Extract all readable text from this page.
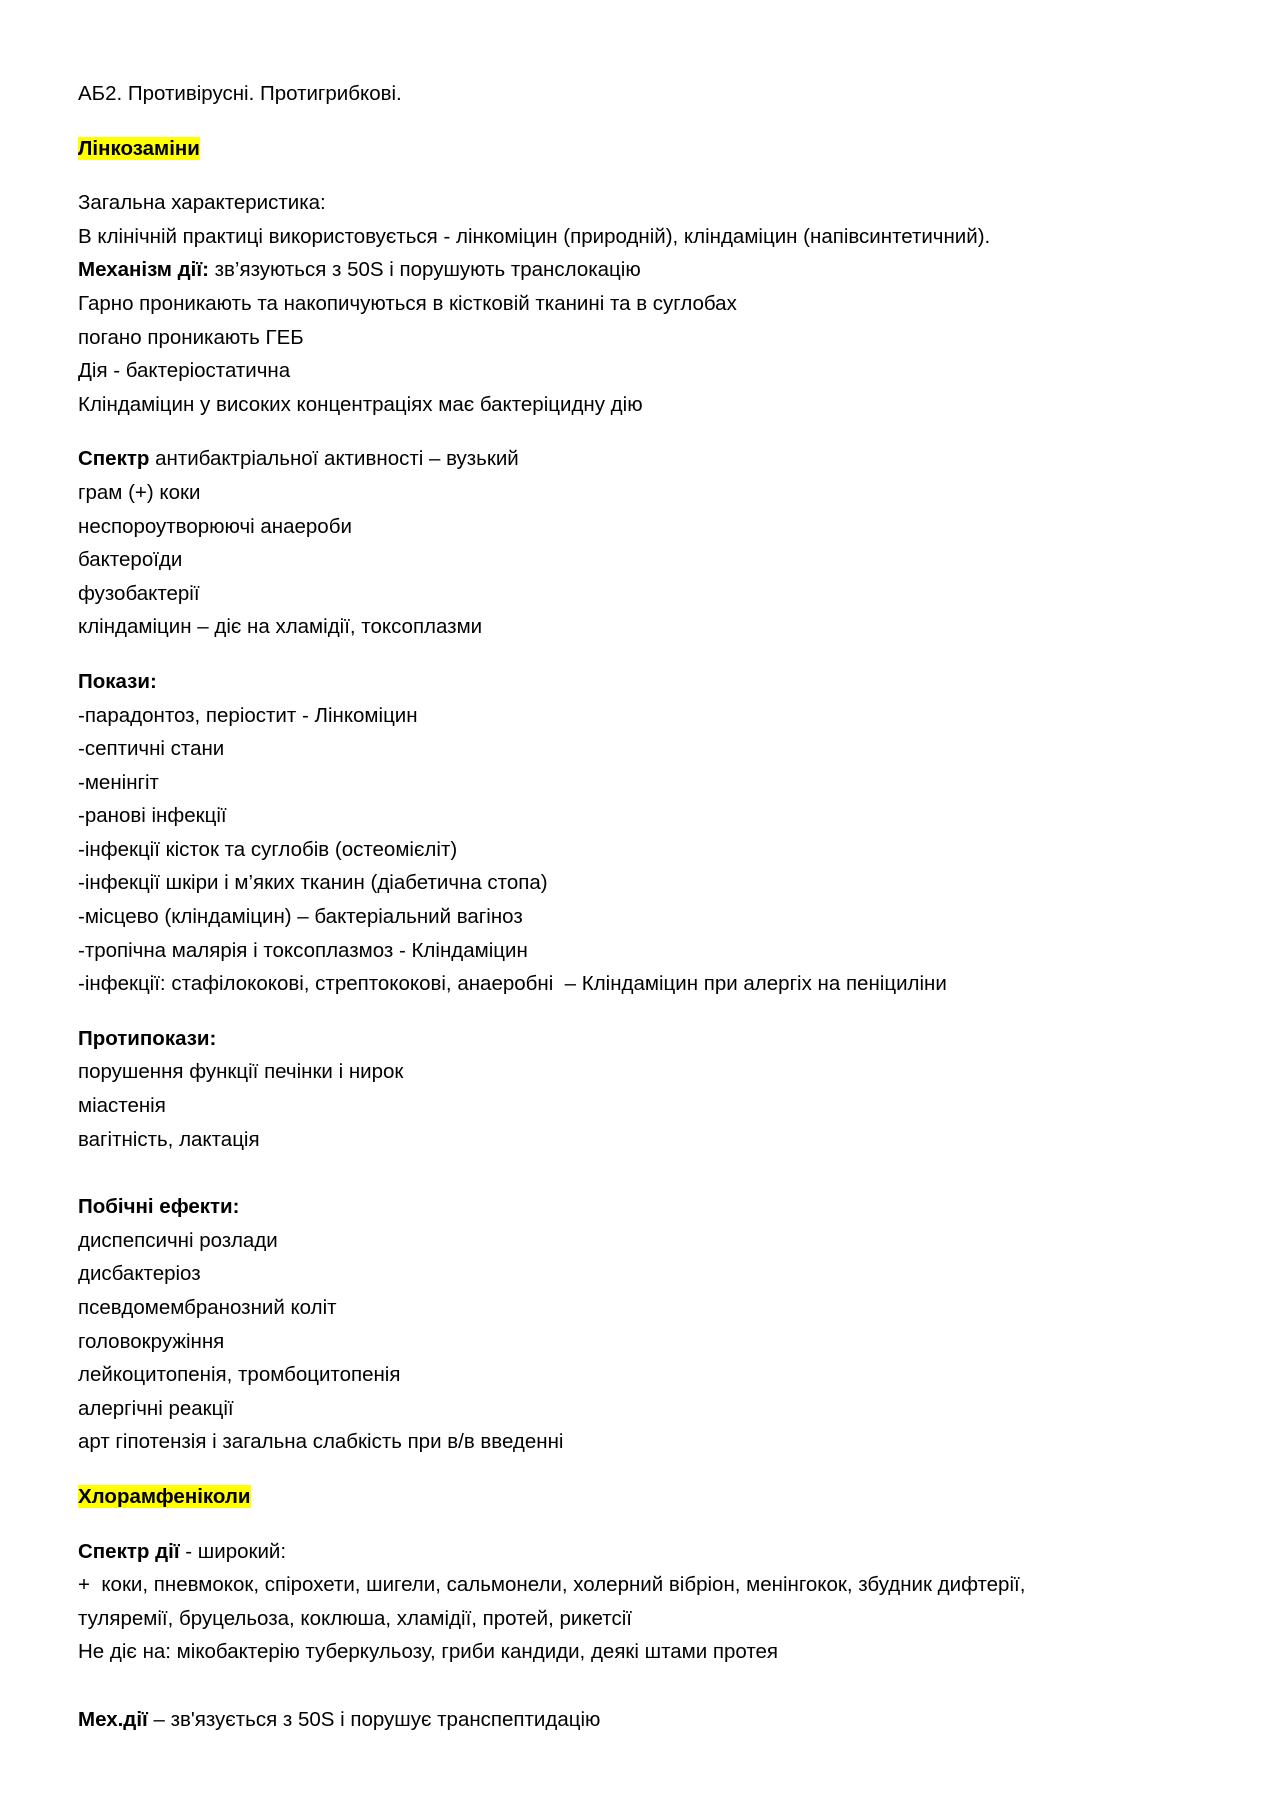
АБ2. Противірусні. Протигрибкові.
Лінкозаміни
Загальна характеристика:
В клінічній практиці використовується - лінкоміцин (природній), кліндаміцин (напівсинтетичний).
Механізм дії: зв’язуються з 50S і порушують транслокацію
Гарно проникають та накопичуються в кістковій тканині та в суглобах
погано проникають ГЕБ
Дія - бактеріостатична
Кліндаміцин у високих концентраціях має бактеріцидну дію
Спектр антибактріальної активності – вузький
грам (+) коки
неспороутворюючі анаероби
бактероїди
фузобактерії
кліндаміцин – діє на хламідії, токсоплазми
Покази:
-парадонтоз, періостит - Лінкоміцин
-септичні стани
-менінгіт
-ранові інфекції
-інфекції кісток та суглобів (остеомієліт)
-інфекції шкіри і м’яких тканин (діабетична стопа)
-місцево (кліндаміцин) – бактеріальний вагіноз
-тропічна малярія і токсоплазмоз - Кліндаміцин
-інфекції: стафілококові, стрептококові, анаеробні  – Кліндаміцин при алергіх на пеніциліни
Протипокази:
порушення функції печінки і нирок
міастенія
вагітність, лактація
Побічні ефекти:
диспепсичні розлади
дисбактеріоз
псевдомембранозний коліт
головокружіння
лейкоцитопенія, тромбоцитопенія
алергічні реакції
арт гіпотензія і загальна слабкість при в/в введенні
Хлорамфеніколи
Спектр дії - широкий:
+  коки, пневмокок, спірохети, шигели, сальмонели, холерний вібріон, менінгокок, збудник дифтерії,
туляремії, бруцельоза, коклюша, хламідії, протей, рикетсії
Не діє на: мікобактерію туберкульозу, гриби кандиди, деякі штами протея
Мех.дії – зв'язується з 50S і порушує транспептидацію
